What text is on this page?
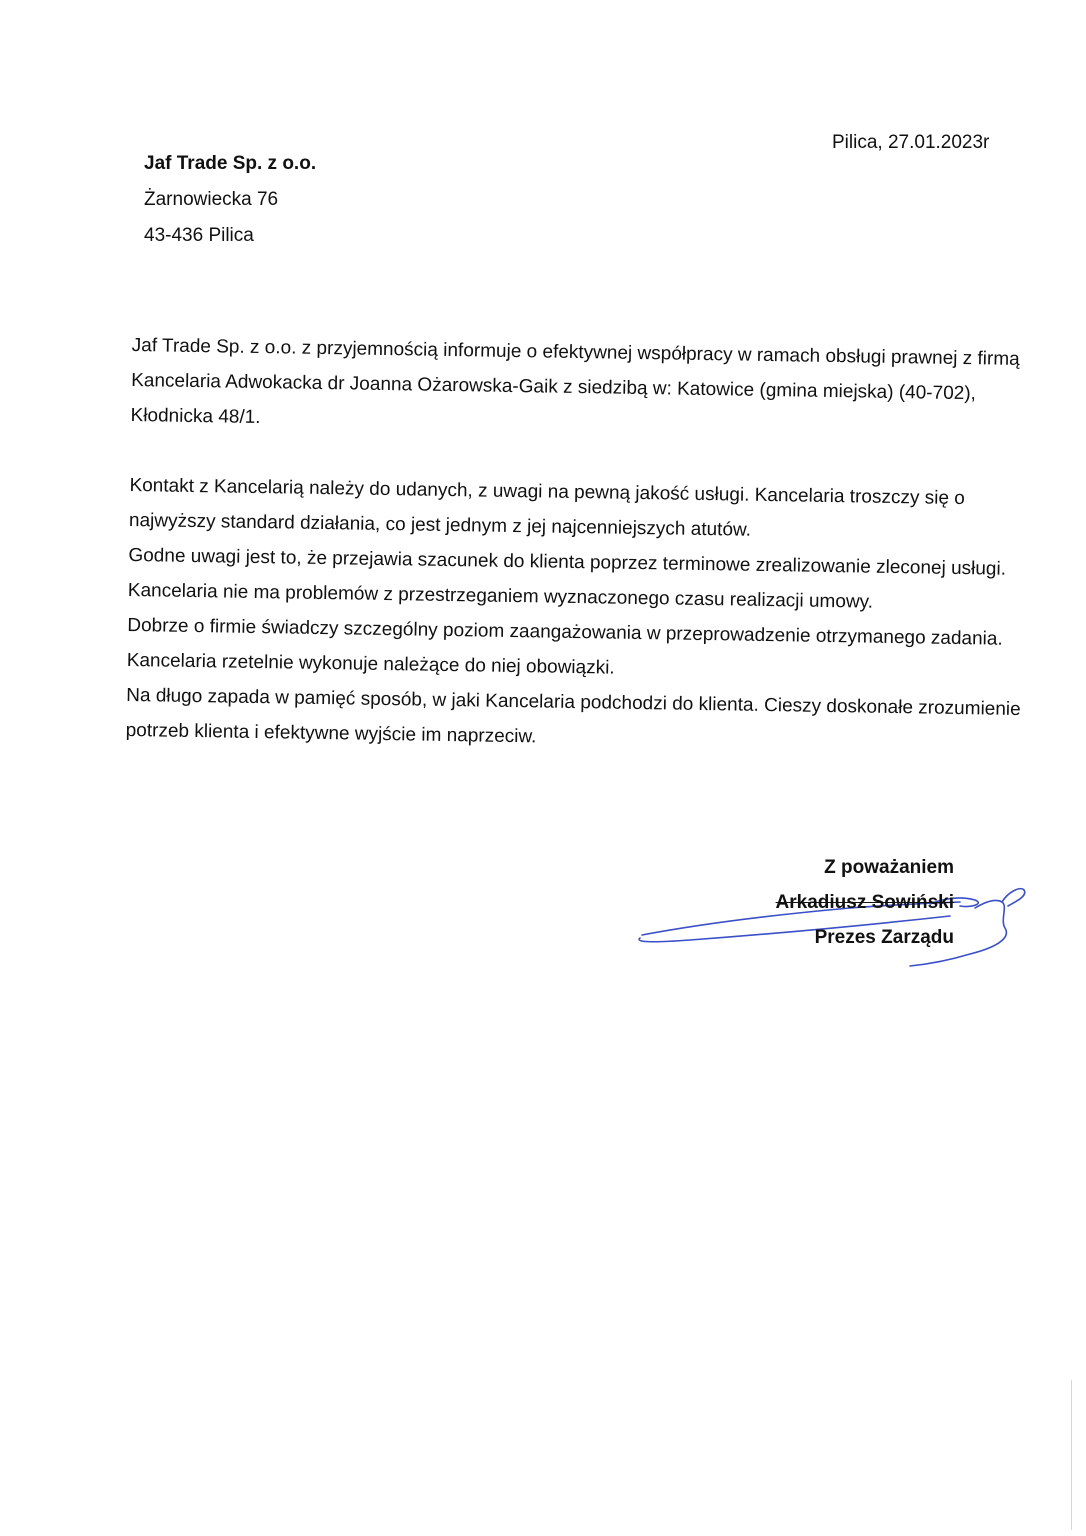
Jaf Trade Sp. z o.o.
Żarnowiecka 76
43-436 Pilica
Pilica, 27.01.2023r

Jaf Trade Sp. z o.o. z przyjemnością informuje o efektywnej współpracy w ramach obsługi prawnej z firmą

Kancelaria Adwokacka dr Joanna Ożarowska-Gaik z siedzibą w: Katowice (gmina miejska) (40-702),

Kłodnicka 48/1.

Kontakt z Kancelarią należy do udanych, z uwagi na pewną jakość usługi. Kancelaria troszczy się o

najwyższy standard działania, co jest jednym z jej najcenniejszych atutów.

Godne uwagi jest to, że przejawia szacunek do klienta poprzez terminowe zrealizowanie zleconej usługi.

Kancelaria nie ma problemów z przestrzeganiem wyznaczonego czasu realizacji umowy.

Dobrze o firmie świadczy szczególny poziom zaangażowania w przeprowadzenie otrzymanego zadania.

Kancelaria rzetelnie wykonuje należące do niej obowiązki.

Na długo zapada w pamięć sposób, w jaki Kancelaria podchodzi do klienta. Cieszy doskonałe zrozumienie

potrzeb klienta i efektywne wyjście im naprzeciw.

Z poważaniem
Arkadiusz Sowiński
Prezes Zarządu
